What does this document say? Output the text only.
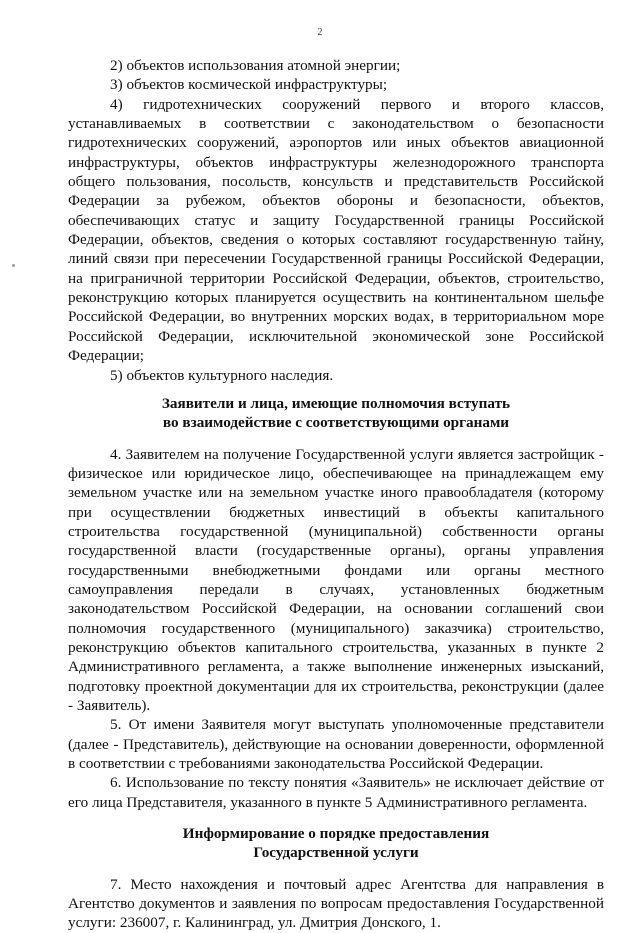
2

2) объектов использования атомной энергии;

3) объектов космической инфраструктуры;

4) гидротехнических сооружений первого и второго классов, устанавливаемых в соответствии с законодательством о безопасности гидротехнических сооружений, аэропортов или иных объектов авиационной инфраструктуры, объектов инфраструктуры железнодорожного транспорта общего пользования, посольств, консульств и представительств Российской Федерации за рубежом, объектов обороны и безопасности, объектов, обеспечивающих статус и защиту Государственной границы Российской Федерации, объектов, сведения о которых составляют государственную тайну, линий связи при пересечении Государственной границы Российской Федерации, на приграничной территории Российской Федерации, объектов, строительство, реконструкцию которых планируется осуществить на континентальном шельфе Российской Федерации, во внутренних морских водах, в территориальном море Российской Федерации, исключительной экономической зоне Российской Федерации;

5) объектов культурного наследия.

Заявители и лица, имеющие полномочия вступать
во взаимодействие с соответствующими органами

4. Заявителем на получение Государственной услуги является застройщик - физическое или юридическое лицо, обеспечивающее на принадлежащем ему земельном участке или на земельном участке иного правообладателя (которому при осуществлении бюджетных инвестиций в объекты капитального строительства государственной (муниципальной) собственности органы государственной власти (государственные органы), органы управления государственными внебюджетными фондами или органы местного самоуправления передали в случаях, установленных бюджетным законодательством Российской Федерации, на основании соглашений свои полномочия государственного (муниципального) заказчика) строительство, реконструкцию объектов капитального строительства, указанных в пункте 2 Административного регламента, а также выполнение инженерных изысканий, подготовку проектной документации для их строительства, реконструкции (далее - Заявитель).

5. От имени Заявителя могут выступать уполномоченные представители (далее - Представитель), действующие на основании доверенности, оформленной в соответствии с требованиями законодательства Российской Федерации.

6. Использование по тексту понятия «Заявитель» не исключает действие от его лица Представителя, указанного в пункте 5 Административного регламента.

Информирование о порядке предоставления
Государственной услуги

7. Место нахождения и почтовый адрес Агентства для направления в Агентство документов и заявления по вопросам предоставления Государственной услуги: 236007, г. Калининград, ул. Дмитрия Донского, 1.
